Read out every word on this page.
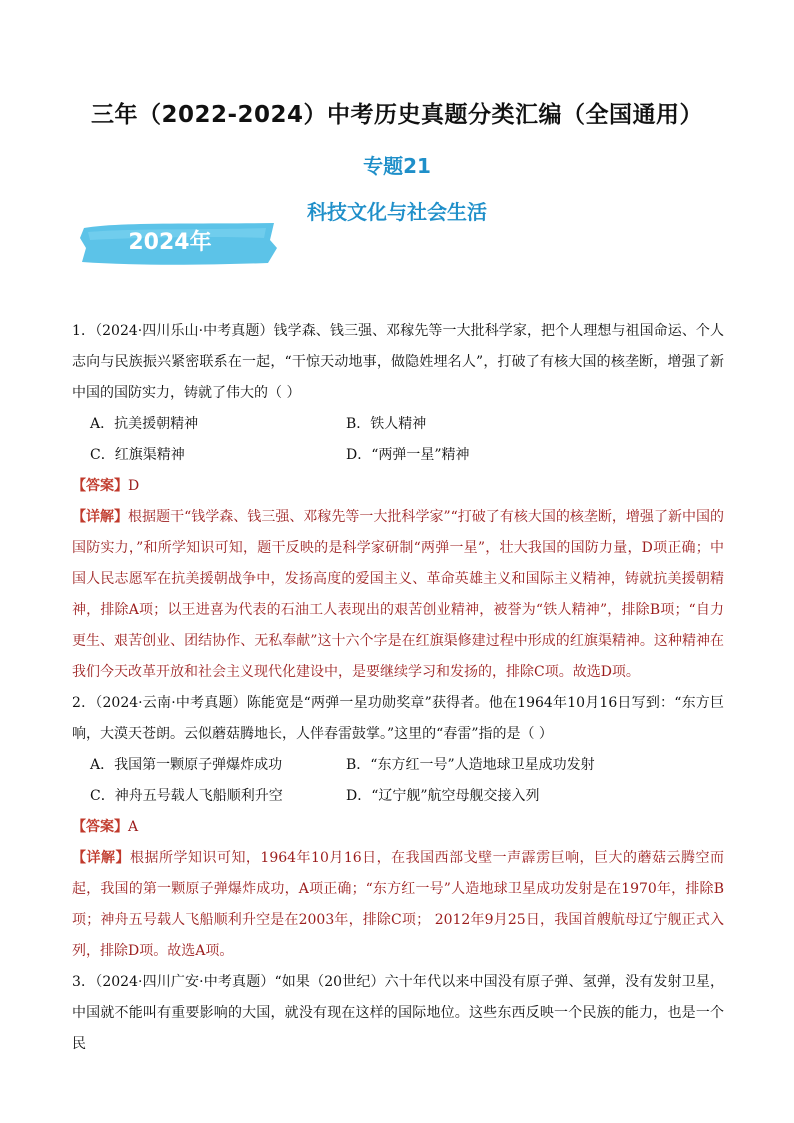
三年（2022-2024）中考历史真题分类汇编（全国通用）
专题21
科技文化与社会生活
2024年

1．（2024·四川乐山·中考真题）钱学森、钱三强、邓稼先等一大批科学家，把个人理想与祖国命运、个人志向与民族振兴紧密联系在一起，“干惊天动地事，做隐姓埋名人”，打破了有核大国的核垄断，增强了新中国的国防实力，铸就了伟大的（ ）

A．抗美援朝精神	B．铁人精神
C．红旗渠精神	D．“两弹一星”精神

【答案】D

【详解】根据题干“钱学森、钱三强、邓稼先等一大批科学家”“打破了有核大国的核垄断，增强了新中国的国防实力，”和所学知识可知，题干反映的是科学家研制“两弹一星”，壮大我国的国防力量，D项正确；中国人民志愿军在抗美援朝战争中，发扬高度的爱国主义、革命英雄主义和国际主义精神，铸就抗美援朝精神，排除A项；以王进喜为代表的石油工人表现出的艰苦创业精神，被誉为“铁人精神”，排除B项；“自力更生、艰苦创业、团结协作、无私奉献”这十六个字是在红旗渠修建过程中形成的红旗渠精神。这种精神在我们今天改革开放和社会主义现代化建设中，是要继续学习和发扬的，排除C项。故选D项。

2．（2024·云南·中考真题）陈能宽是“两弹一星功勋奖章”获得者。他在1964年10月16日写到：“东方巨响，大漠天苍朗。云似蘑菇腾地长，人伴春雷鼓掌。”这里的“春雷”指的是（ ）

A．我国第一颗原子弹爆炸成功	B．“东方红一号”人造地球卫星成功发射
C．神舟五号载人飞船顺利升空	D．“辽宁舰”航空母舰交接入列

【答案】A

【详解】根据所学知识可知，1964年10月16日，在我国西部戈壁一声霹雳巨响，巨大的蘑菇云腾空而起，我国的第一颗原子弹爆炸成功，A项正确；“东方红一号”人造地球卫星成功发射是在1970年，排除B项；神舟五号载人飞船顺利升空是在2003年，排除C项； 2012年9月25日，我国首艘航母辽宁舰正式入列，排除D项。故选A项。

3．（2024·四川广安·中考真题）“如果（20世纪）六十年代以来中国没有原子弹、氢弹，没有发射卫星，中国就不能叫有重要影响的大国，就没有现在这样的国际地位。这些东西反映一个民族的能力，也是一个民
